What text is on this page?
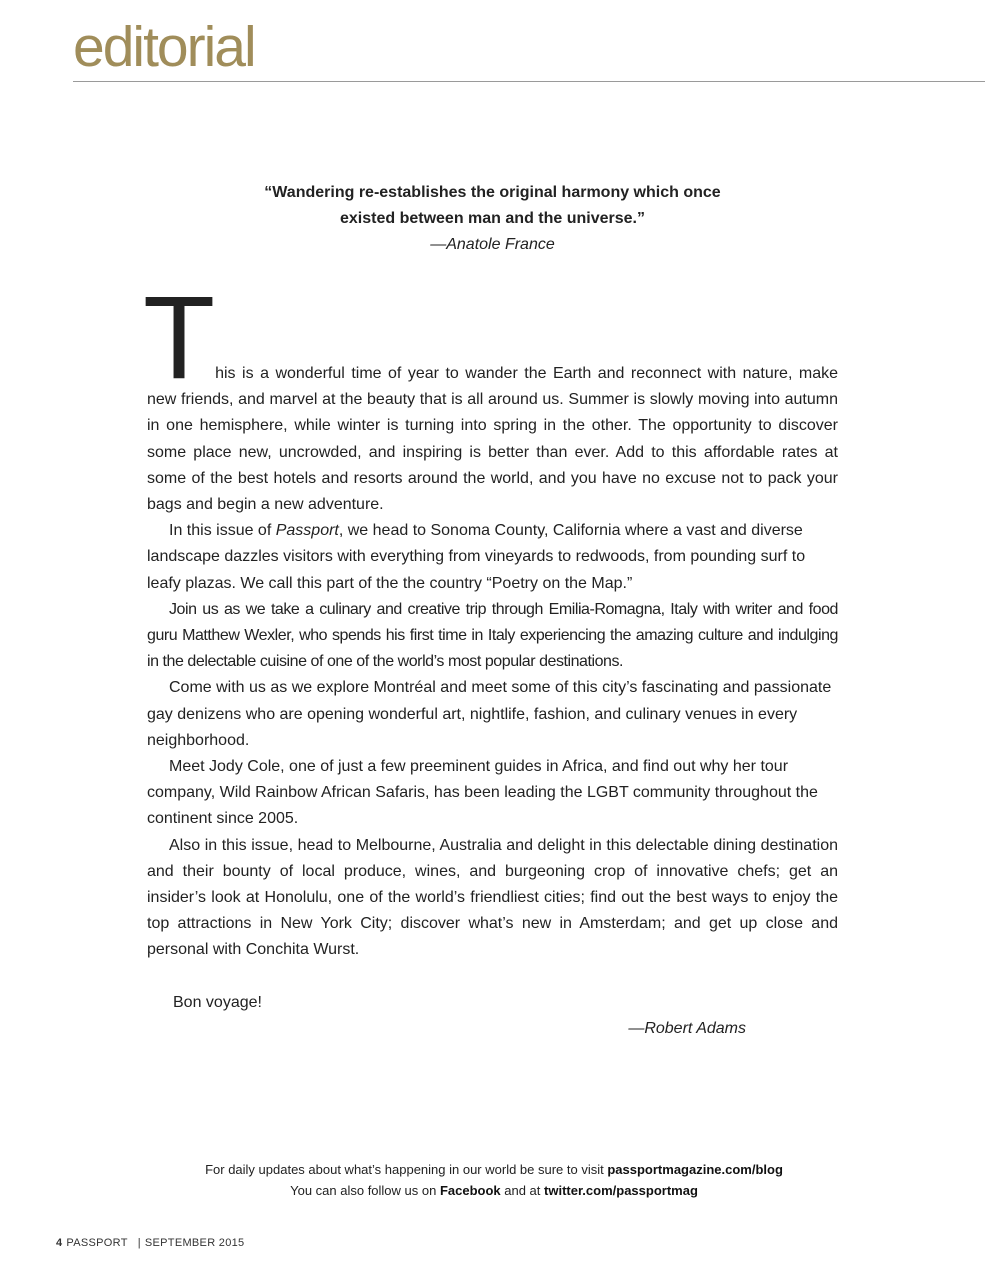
editorial

“Wandering re-establishes the original harmony which once
existed between man and the universe.”

—Anatole France

This is a wonderful time of year to wander the Earth and reconnect with nature, make new friends, and marvel at the beauty that is all around us. Summer is slowly moving into autumn in one hemisphere, while winter is turning into spring in the other. The opportunity to discover some place new, uncrowded, and inspiring is better than ever. Add to this affordable rates at some of the best hotels and resorts around the world, and you have no excuse not to pack your bags and begin a new adventure.

In this issue of Passport, we head to Sonoma County, California where a vast and diverse landscape dazzles visitors with everything from vineyards to redwoods, from pounding surf to leafy plazas. We call this part of the the country “Poetry on the Map.”

Join us as we take a culinary and creative trip through Emilia-Romagna, Italy with writer and food guru Matthew Wexler, who spends his first time in Italy experiencing the amazing culture and indulging in the delectable cuisine of one of the world’s most popular destinations.

Come with us as we explore Montréal and meet some of this city’s fascinating and passionate gay denizens who are opening wonderful art, nightlife, fashion, and culinary venues in every neighborhood.

Meet Jody Cole, one of just a few preeminent guides in Africa, and find out why her tour company, Wild Rainbow African Safaris, has been leading the LGBT community throughout the continent since 2005.

Also in this issue, head to Melbourne, Australia and delight in this delectable dining destination and their bounty of local produce, wines, and burgeoning crop of innovative chefs; get an insider’s look at Honolulu, one of the world’s friendliest cities; find out the best ways to enjoy the top attractions in New York City; discover what’s new in Amsterdam; and get up close and personal with Conchita Wurst.

Bon voyage!

—Robert Adams

For daily updates about what’s happening in our world be sure to visit passportmagazine.com/blog

You can also follow us on Facebook and at twitter.com/passportmag

4 PASSPORT | SEPTEMBER 2015
